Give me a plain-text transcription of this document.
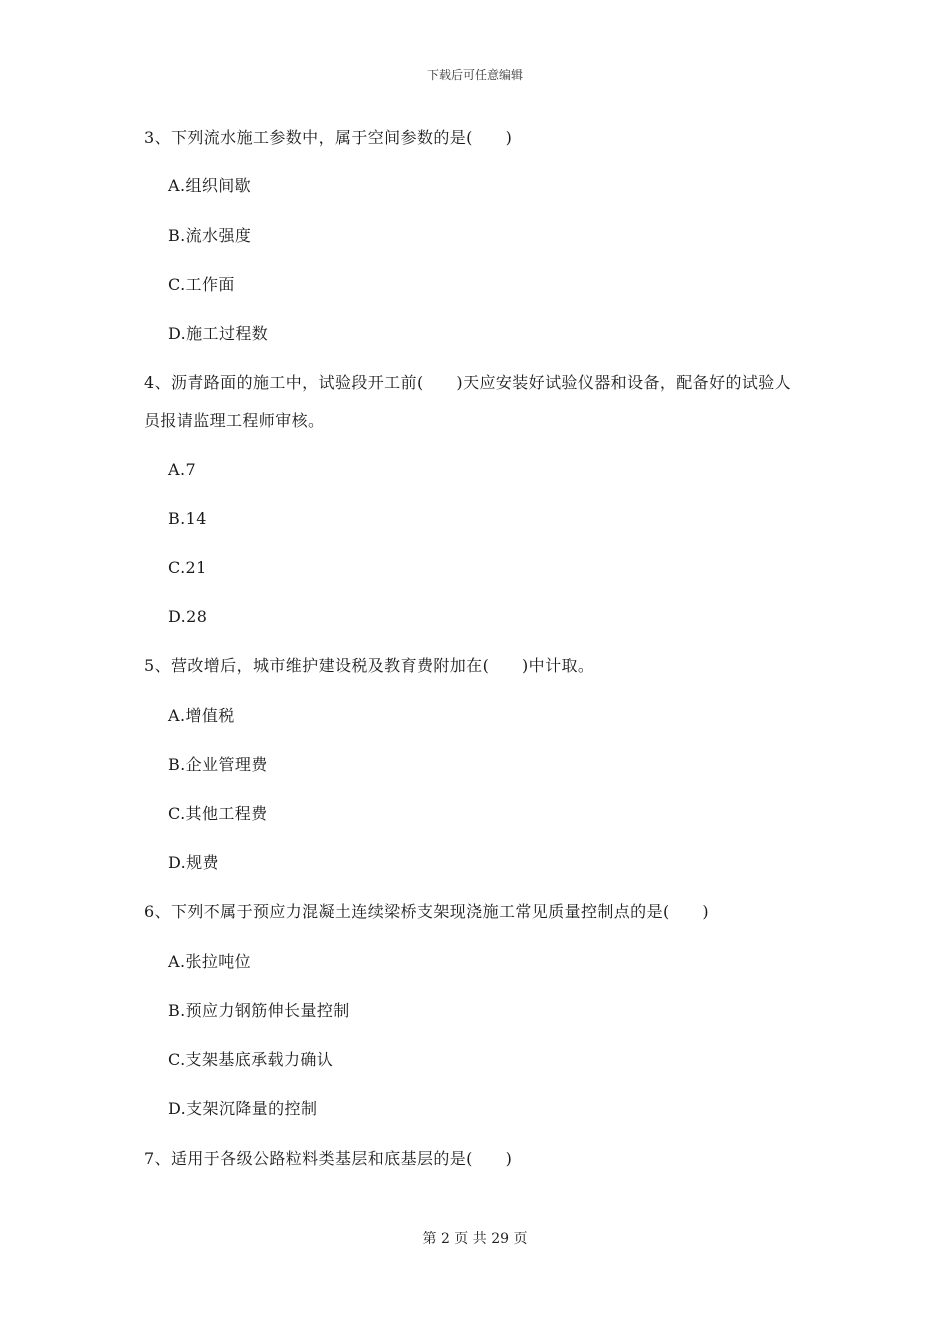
下载后可任意编辑
3、下列流水施工参数中，属于空间参数的是(　　)
A.组织间歇
B.流水强度
C.工作面
D.施工过程数
4、沥青路面的施工中，试验段开工前(　　)天应安装好试验仪器和设备，配备好的试验人
员报请监理工程师审核。
A.7
B.14
C.21
D.28
5、营改增后，城市维护建设税及教育费附加在(　　)中计取。
A.增值税
B.企业管理费
C.其他工程费
D.规费
6、下列不属于预应力混凝土连续梁桥支架现浇施工常见质量控制点的是(　　)
A.张拉吨位
B.预应力钢筋伸长量控制
C.支架基底承载力确认
D.支架沉降量的控制
7、适用于各级公路粒料类基层和底基层的是(　　)
第 2 页 共 29 页
